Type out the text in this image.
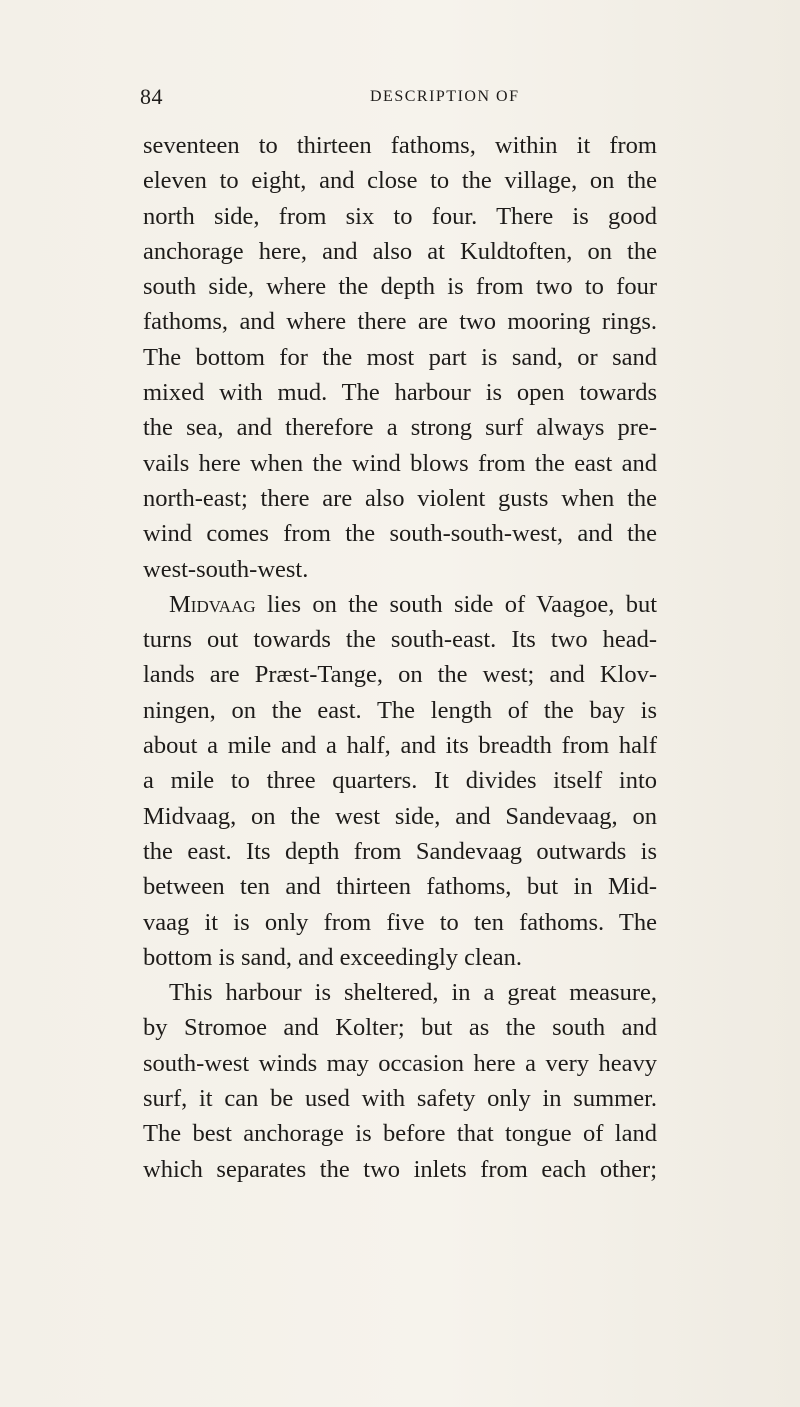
84	DESCRIPTION OF
seventeen to thirteen fathoms, within it from
eleven to eight, and close to the village, on the
north side, from six to four. There is good
anchorage here, and also at Kuldtoften, on the
south side, where the depth is from two to four
fathoms, and where there are two mooring rings.
The bottom for the most part is sand, or sand
mixed with mud. The harbour is open towards
the sea, and therefore a strong surf always pre-
vails here when the wind blows from the east and
north-east; there are also violent gusts when the
wind comes from the south-south-west, and the
west-south-west.
Midvaag lies on the south side of Vaagoe, but
turns out towards the south-east. Its two head-
lands are Præst-Tange, on the west; and Klov-
ningen, on the east. The length of the bay is
about a mile and a half, and its breadth from half
a mile to three quarters. It divides itself into
Midvaag, on the west side, and Sandevaag, on
the east. Its depth from Sandevaag outwards is
between ten and thirteen fathoms, but in Mid-
vaag it is only from five to ten fathoms. The
bottom is sand, and exceedingly clean.
This harbour is sheltered, in a great measure,
by Stromoe and Kolter; but as the south and
south-west winds may occasion here a very heavy
surf, it can be used with safety only in summer.
The best anchorage is before that tongue of land
which separates the two inlets from each other;
